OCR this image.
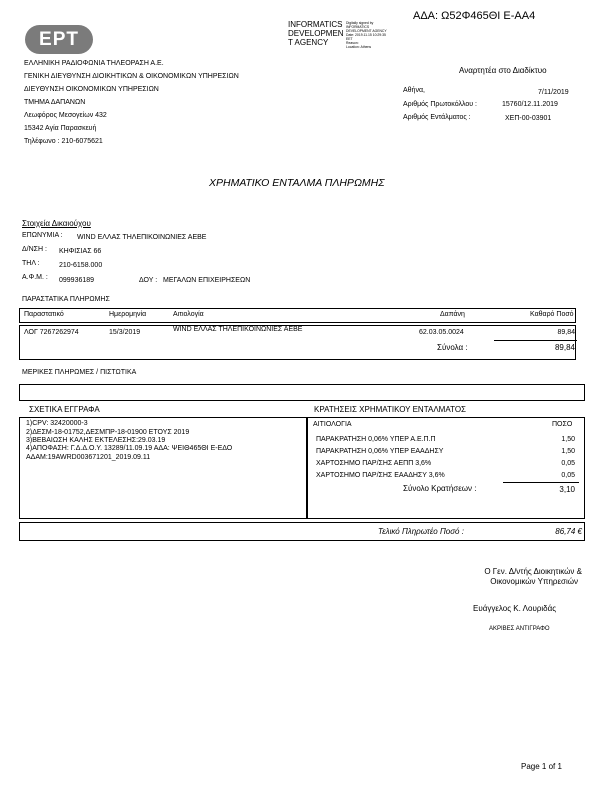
ΑΔΑ: Ω52Φ465ΘΙ Ε-ΑΑ4
ΕΡΤ
INFORMATICS
DEVELOPMEN
T AGENCY
Digitally signed by
INFORMATICS
DEVELOPMENT AGENCY
Date: 2019.11.15 10:29:35
EET
Reason:
Location: Athens
ΕΛΛΗΝΙΚΗ ΡΑΔΙΟΦΩΝΙΑ ΤΗΛΕΟΡΑΣΗ Α.Ε.
ΓΕΝΙΚΗ ΔΙΕΥΘΥΝΣΗ ΔΙΟΙΚΗΤΙΚΩΝ & ΟΙΚΟΝΟΜΙΚΩΝ ΥΠΗΡΕΣΙΩΝ
ΔΙΕΥΘΥΝΣΗ ΟΙΚΟΝΟΜΙΚΩΝ ΥΠΗΡΕΣΙΩΝ
ΤΜΗΜΑ ΔΑΠΑΝΩΝ
Λεωφόρος Μεσογείων 432
15342 Αγία Παρασκευή
Τηλέφωνο : 210-6075621
Αναρτητέα στο Διαδίκτυο
Αθήνα,	7/11/2019
Αριθμός Πρωτοκόλλου :	15760/12.11.2019
Αριθμός Εντάλματος :	ΧΕΠ-00-03901
ΧΡΗΜΑΤΙΚΟ ΕΝΤΑΛΜΑ ΠΛΗΡΩΜΗΣ
Στοιχεία Δικαιούχου
ΕΠΩΝΥΜΙΑ : WIND ΕΛΛΑΣ ΤΗΛΕΠΙΚΟΙΝΩΝΙΕΣ ΑΕΒΕ
Δ/ΝΣΗ : ΚΗΦΙΣΙΑΣ 66
ΤΗΛ :	210-6158.000
Α.Φ.Μ. : 099936189	ΔΟΥ : ΜΕΓΑΛΩΝ ΕΠΙΧΕΙΡΗΣΕΩΝ
ΠΑΡΑΣΤΑΤΙΚΑ ΠΛΗΡΩΜΗΣ
Παραστατικό	Ημερομηνία	Αιτιολογία	Δαπάνη	Καθαρό Ποσό
ΛΟΓ 7267262974	15/3/2019	WIND ΕΛΛΑΣ ΤΗΛΕΠΙΚΟΙΝΩΝΙΕΣ ΑΕΒΕ	62.03.05.0024	89,84
Σύνολα :	89,84
ΜΕΡΙΚΕΣ ΠΛΗΡΩΜΕΣ / ΠΙΣΤΩΤΙΚΑ
ΣΧΕΤΙΚΑ ΕΓΓΡΑΦΑ	ΚΡΑΤΗΣΕΙΣ ΧΡΗΜΑΤΙΚΟΥ ΕΝΤΑΛΜΑΤΟΣ
1)CPV: 32420000-3
2)ΔΕΣΜ-18-01752,ΔΕΣΜΠΡ-18-01900 ΕΤΟΥΣ 2019
3)ΒΕΒΑΙΩΣΗ ΚΑΛΗΣ ΕΚΤΕΛΕΣΗΣ:29.03.19
4)ΑΠΟΦΑΣΗ: Γ.Δ.Δ.Ο.Υ. 13289/11.09.19 ΑΔΑ: ΨΕΙΘ465ΘΙ Ε-ΕΔΟ
ΑΔΑΜ:19AWRD003671201_2019.09.11
ΑΙΤΙΟΛΟΓΙΑ	ΠΟΣΟ
ΠΑΡΑΚΡΑΤΗΣΗ 0,06% ΥΠΕΡ Α.Ε.Π.Π	1,50
ΠΑΡΑΚΡΑΤΗΣΗ 0,06% ΥΠΕΡ ΕΑΑΔΗΣΥ	1,50
ΧΑΡΤΟΣΗΜΟ ΠΑΡ/ΣΗΣ ΑΕΠΠ 3,6%	0,05
ΧΑΡΤΟΣΗΜΟ ΠΑΡ/ΣΗΣ ΕΑΑΔΗΣΥ 3,6%	0,05
Σύνολο Κρατήσεων :	3,10
Τελικό Πληρωτέο Ποσό :	86,74 €
Ο Γεν. Δ/ντής Διοικητικών &
Οικονομικών Υπηρεσιών
Ευάγγελος Κ. Λουριδάς
ΑΚΡΙΒΕΣ ΑΝΤΙΓΡΑΦΟ
Page 1 of 1
